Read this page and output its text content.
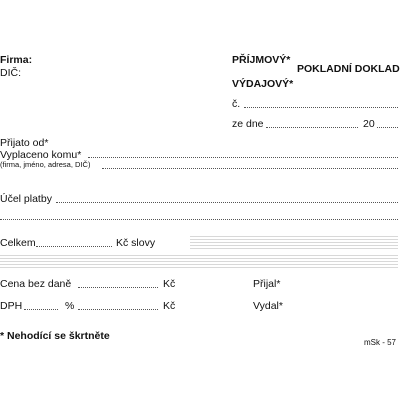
Firma:
DIČ:
PŘÍJMOVÝ*
POKLADNÍ DOKLAD
VÝDAJOVÝ*
č.
ze dne	20
Přijato od*
Vyplaceno komu*
(firma, jméno, adresa, DIČ)
Účel platby
Celkem	Kč slovy
Cena bez daně	Kč	Přijal*
DPH	%	Kč	Vydal*
* Nehodící se škrtněte
mSk - 57
